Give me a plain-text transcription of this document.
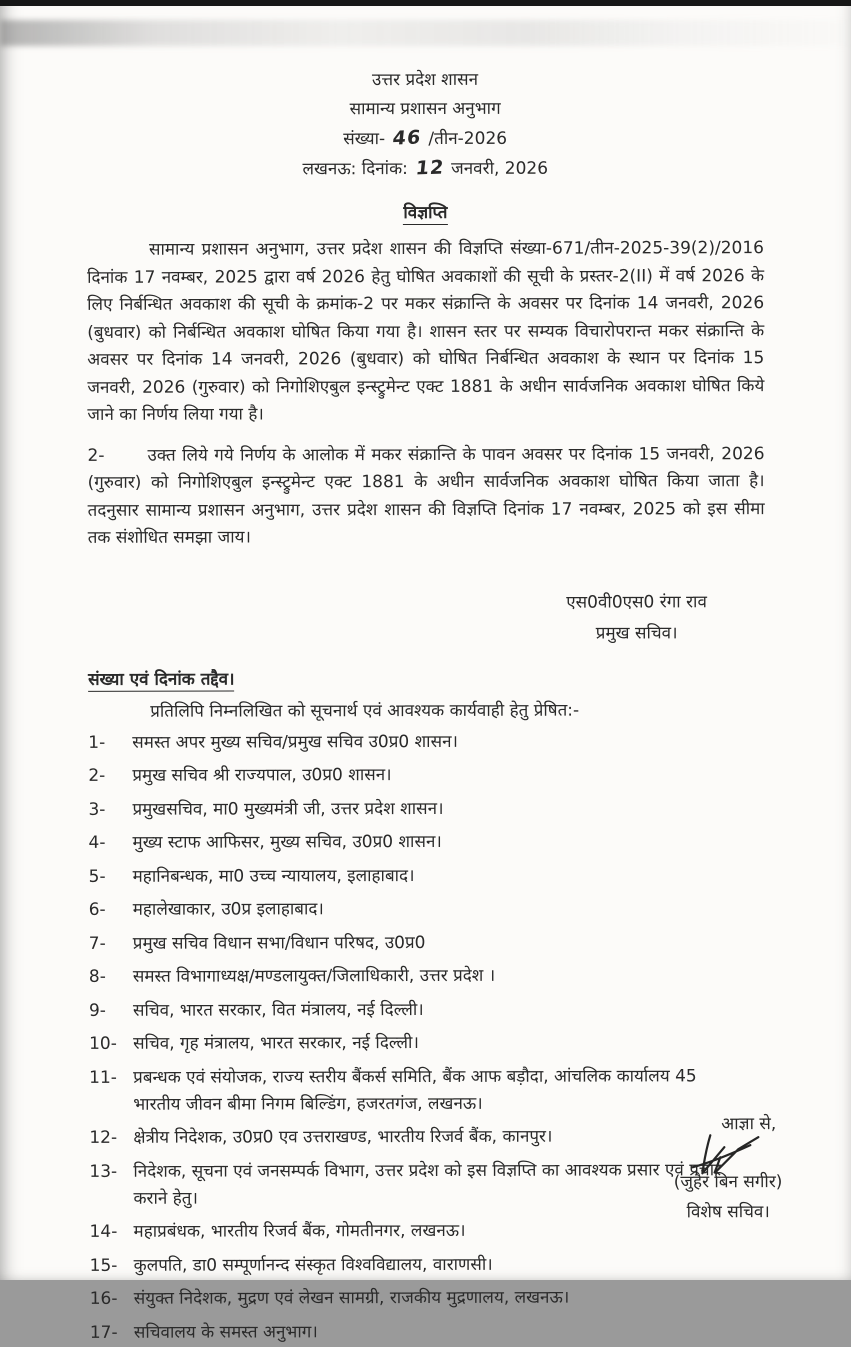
उत्तर प्रदेश शासन
सामान्य प्रशासन अनुभाग
संख्या- 46 /तीन-2026
लखनऊ: दिनांक: 12 जनवरी, 2026
विज्ञप्ति

सामान्य प्रशासन अनुभाग, उत्तर प्रदेश शासन की विज्ञप्ति संख्या-671/तीन-2025-39(2)/2016 दिनांक 17 नवम्बर, 2025 द्वारा वर्ष 2026 हेतु घोषित अवकाशों की सूची के प्रस्तर-2(II) में वर्ष 2026 के लिए निर्बन्धित अवकाश की सूची के क्रमांक-2 पर मकर संक्रान्ति के अवसर पर दिनांक 14 जनवरी, 2026 (बुधवार) को निर्बन्धित अवकाश घोषित किया गया है। शासन स्तर पर सम्यक विचारोपरान्त मकर संक्रान्ति के अवसर पर दिनांक 14 जनवरी, 2026 (बुधवार) को घोषित निर्बन्धित अवकाश के स्थान पर दिनांक 15 जनवरी, 2026 (गुरुवार) को निगोशिएबुल इन्स्ट्रुमेन्ट एक्ट 1881 के अधीन सार्वजनिक अवकाश घोषित किये जाने का निर्णय लिया गया है।

2-	उक्त लिये गये निर्णय के आलोक में मकर संक्रान्ति के पावन अवसर पर दिनांक 15 जनवरी, 2026 (गुरुवार) को निगोशिएबुल इन्स्ट्रुमेन्ट एक्ट 1881 के अधीन सार्वजनिक अवकाश घोषित किया जाता है। तदनुसार सामान्य प्रशासन अनुभाग, उत्तर प्रदेश शासन की विज्ञप्ति दिनांक 17 नवम्बर, 2025 को इस सीमा तक संशोधित समझा जाय।

एस0वी0एस0 रंगा राव
प्रमुख सचिव।
संख्या एवं दिनांक तद्दैव।
प्रतिलिपि निम्नलिखित को सूचनार्थ एवं आवश्यक कार्यवाही हेतु प्रेषित:-
1-	समस्त अपर मुख्य सचिव/प्रमुख सचिव उ0प्र0 शासन।
2-	प्रमुख सचिव श्री राज्यपाल, उ0प्र0 शासन।
3-	प्रमुखसचिव, मा0 मुख्यमंत्री जी, उत्तर प्रदेश शासन।
4-	मुख्य स्टाफ आफिसर, मुख्य सचिव, उ0प्र0 शासन।
5-	महानिबन्धक, मा0 उच्च न्यायालय, इलाहाबाद।
6-	महालेखाकार, उ0प्र इलाहाबाद।
7-	प्रमुख सचिव विधान सभा/विधान परिषद, उ0प्र0
8-	समस्त विभागाध्यक्ष/मण्डलायुक्त/जिलाधिकारी, उत्तर प्रदेश ।
9-	सचिव, भारत सरकार, वित मंत्रालय, नई दिल्ली।
10- सचिव, गृह मंत्रालय, भारत सरकार, नई दिल्ली।
11- प्रबन्धक एवं संयोजक, राज्य स्तरीय बैंकर्स समिति, बैंक आफ बड़ौदा, आंचलिक कार्यालय 45 भारतीय जीवन बीमा निगम बिल्डिंग, हजरतगंज, लखनऊ।
12- क्षेत्रीय निदेशक, उ0प्र0 एव उत्तराखण्ड, भारतीय रिजर्व बैंक, कानपुर।
13- निदेशक, सूचना एवं जनसम्पर्क विभाग, उत्तर प्रदेश को इस विज्ञप्ति का आवश्यक प्रसार एवं प्रचार कराने हेतु।
14- महाप्रबंधक, भारतीय रिजर्व बैंक, गोमतीनगर, लखनऊ।
15- कुलपति, डा0 सम्पूर्णानन्द संस्कृत विश्वविद्यालय, वाराणसी।
16- संयुक्त निदेशक, मुद्रण एवं लेखन सामग्री, राजकीय मुद्रणालय, लखनऊ।
17- सचिवालय के समस्त अनुभाग।
आज्ञा से,
(जुहैर बिन सगीर)
विशेष सचिव।
